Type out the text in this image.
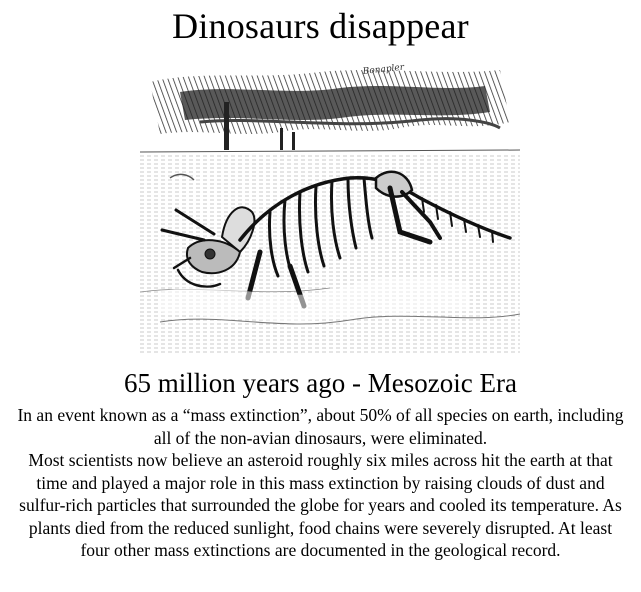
Dinosaurs disappear
Bonapler
65 million years ago - Mesozoic Era

In an event known as a “mass extinction”, about 50% of all species on earth, including all of the non-avian dinosaurs, were eliminated.

Most scientists now believe an asteroid roughly six miles across hit the earth at that time and played a major role in this mass extinction by raising clouds of dust and sulfur-rich particles that surrounded the globe for years and cooled its temperature. As plants died from the reduced sunlight, food chains were severely disrupted. At least four other mass extinctions are documented in the geological record.
